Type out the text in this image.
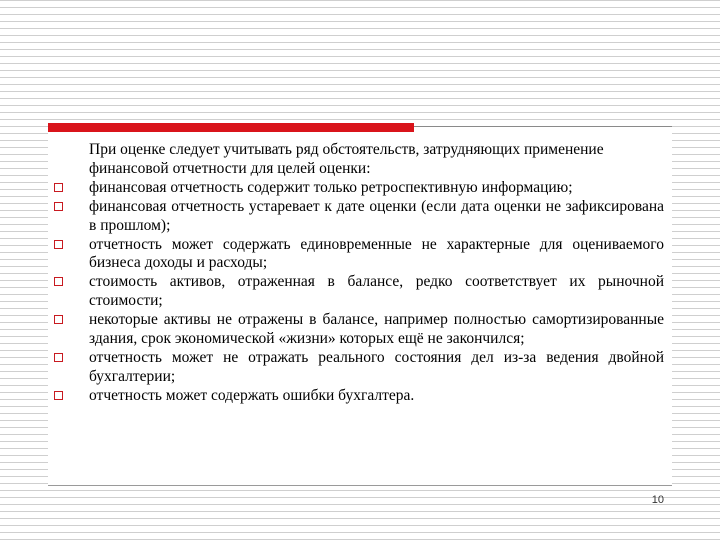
При оценке следует учитывать ряд обстоятельств, затрудняющих применение финансовой отчетности для целей оценки:

финансовая отчетность содержит только ретроспективную информацию;
финансовая отчетность устаревает к дате оценки (если дата оценки не зафиксирована в прошлом);
отчетность может содержать единовременные не характерные для оцениваемого бизнеса доходы и расходы;
стоимость активов, отраженная в балансе, редко соответствует их рыночной стоимости;
некоторые активы не отражены в балансе, например полностью самортизированные здания, срок экономической «жизни» которых ещё не закончился;
отчетность может не отражать реального состояния дел из-за ведения двойной бухгалтерии;
отчетность может содержать ошибки бухгалтера.
10
